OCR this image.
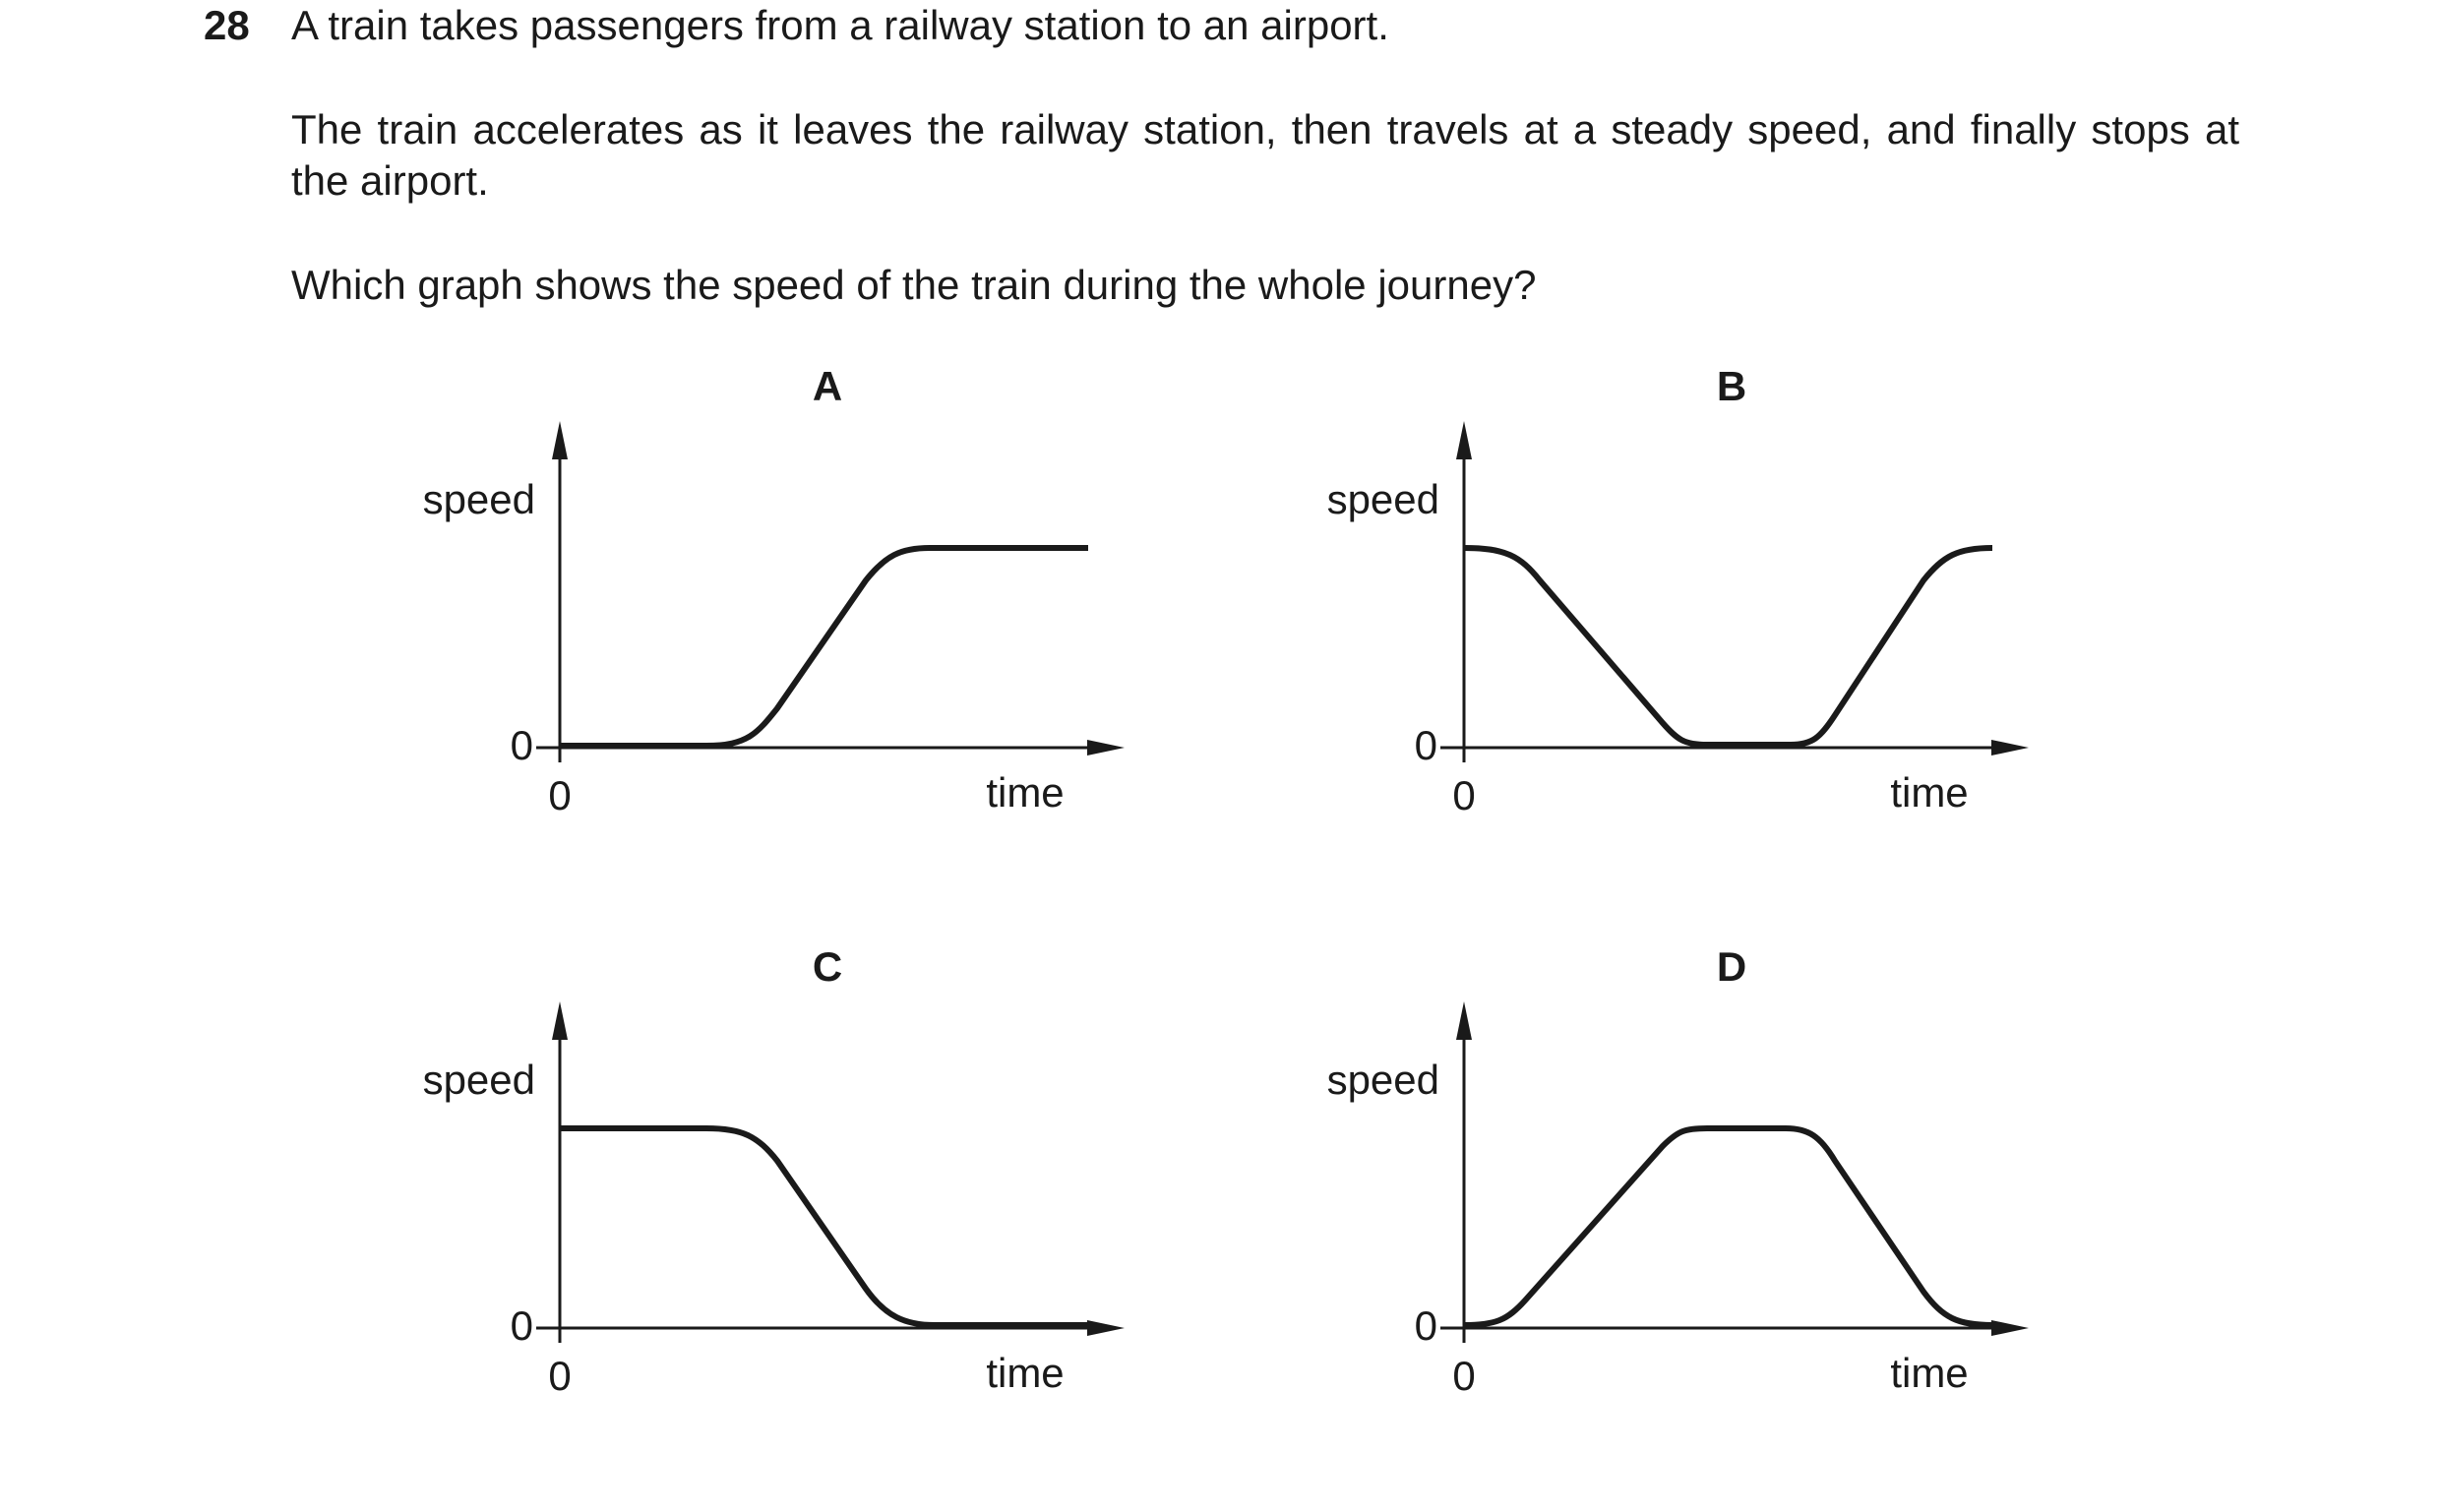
28 A train takes passengers from a railway station to an airport.

The train accelerates as it leaves the railway station, then travels at a steady speed, and finally stops at the airport.

Which graph shows the speed of the train during the whole journey?

A
speed
0
0	time
B
speed
0
0	time
C
speed
0
0	time
D
speed
0
0	time
